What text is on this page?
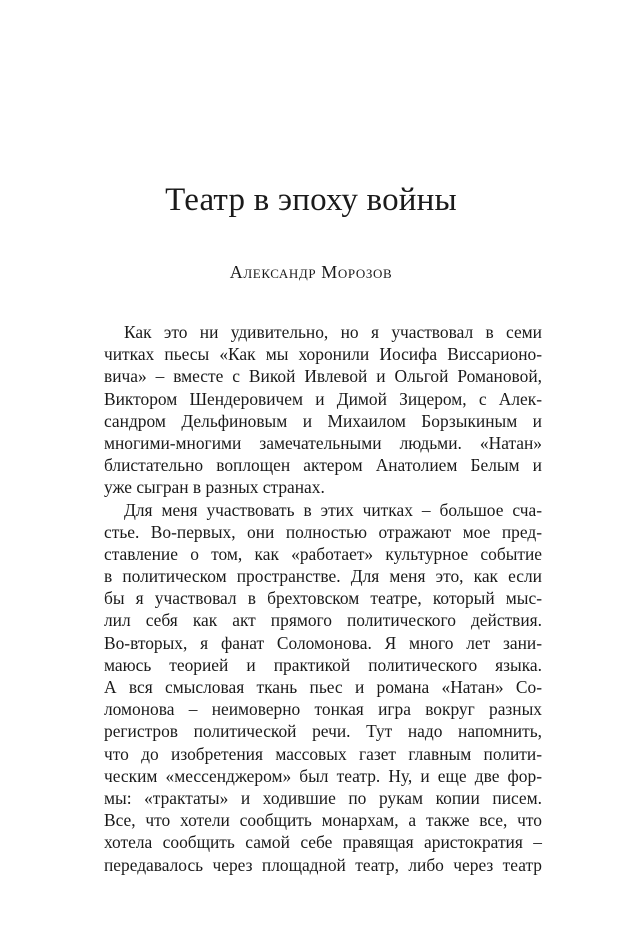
Театр в эпоху войны
Александр Морозов
Как это ни удивительно, но я участвовал в семи
читках пьесы «Как мы хоронили Иосифа Виссарионо-
вича» – вместе с Викой Ивлевой и Ольгой Романовой,
Виктором Шендеровичем и Димой Зицером, с Алек-
сандром Дельфиновым и Михаилом Борзыкиным и
многими-многими замечательными людьми. «Натан»
блистательно воплощен актером Анатолием Белым и
уже сыгран в разных странах.
Для меня участвовать в этих читках – большое сча-
стье. Во-первых, они полностью отражают мое пред-
ставление о том, как «работает» культурное событие
в политическом пространстве. Для меня это, как если
бы я участвовал в брехтовском театре, который мыс-
лил себя как акт прямого политического действия.
Во-вторых, я фанат Соломонова. Я много лет зани-
маюсь теорией и практикой политического языка.
А вся смысловая ткань пьес и романа «Натан» Со-
ломонова – неимоверно тонкая игра вокруг разных
регистров политической речи. Тут надо напомнить,
что до изобретения массовых газет главным полити-
ческим «мессенджером» был театр. Ну, и еще две фор-
мы: «трактаты» и ходившие по рукам копии писем.
Все, что хотели сообщить монархам, а также все, что
хотела сообщить самой себе правящая аристократия –
передавалось через площадной театр, либо через театр
